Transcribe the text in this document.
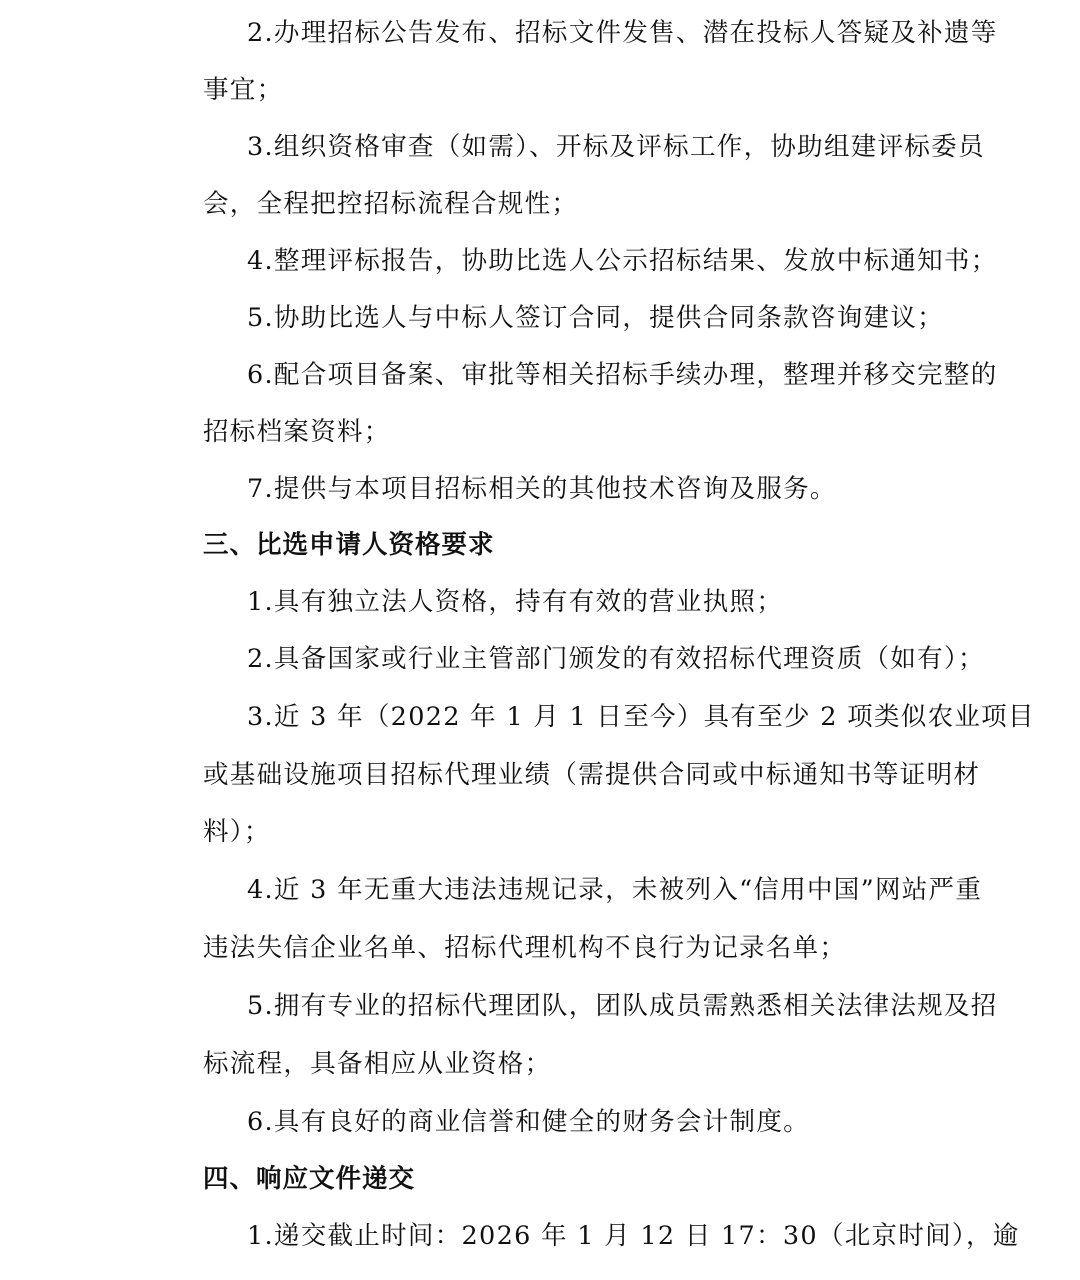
2.办理招标公告发布、招标文件发售、潜在投标人答疑及补遗等
事宜；
3.组织资格审查（如需）、开标及评标工作，协助组建评标委员
会，全程把控招标流程合规性；
4.整理评标报告，协助比选人公示招标结果、发放中标通知书；
5.协助比选人与中标人签订合同，提供合同条款咨询建议；
6.配合项目备案、审批等相关招标手续办理，整理并移交完整的
招标档案资料；
7.提供与本项目招标相关的其他技术咨询及服务。
三、比选申请人资格要求
1.具有独立法人资格，持有有效的营业执照；
2.具备国家或行业主管部门颁发的有效招标代理资质（如有）；
3.近 3 年（2022 年 1 月 1 日至今）具有至少 2 项类似农业项目
或基础设施项目招标代理业绩（需提供合同或中标通知书等证明材
料）；
4.近 3 年无重大违法违规记录，未被列入“信用中国”网站严重
违法失信企业名单、招标代理机构不良行为记录名单；
5.拥有专业的招标代理团队，团队成员需熟悉相关法律法规及招
标流程，具备相应从业资格；
6.具有良好的商业信誉和健全的财务会计制度。
四、响应文件递交
1.递交截止时间：2026 年 1 月 12 日 17：30（北京时间），逾
